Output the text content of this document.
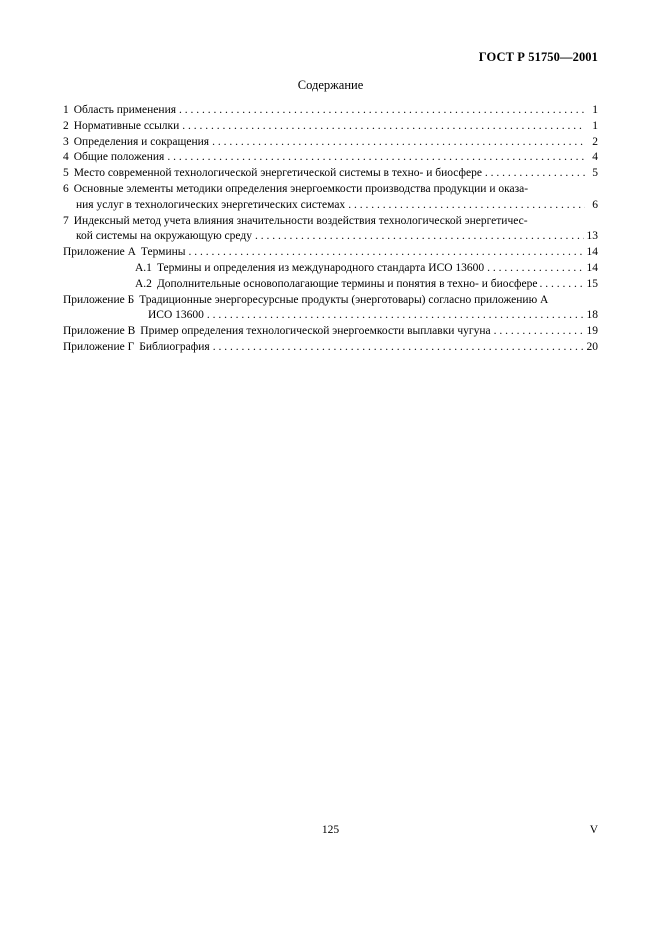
ГОСТ Р 51750—2001
Содержание
1 Область применения . . .	1
2 Нормативные ссылки . . .	1
3 Определения и сокращения . . .	2
4 Общие положения . . .	4
5 Место современной технологической энергетической системы в техно- и биосфере . . .	5
6 Основные элементы методики определения энергоемкости производства продукции и оказа-
ния услуг в технологических энергетических системах . . .	6
7 Индексный метод учета влияния значительности воздействия технологической энергетичес-
кой системы на окружающую среду . . .	13
Приложение А Термины . . .	14
А.1 Термины и определения из международного стандарта ИСО 13600 . . .	14
А.2 Дополнительные основополагающие термины и понятия в техно- и биосфере . . .	15
Приложение Б Традиционные энергоресурсные продукты (энерготовары) согласно приложению А
ИСО 13600 . . .	18
Приложение В Пример определения технологической энергоемкости выплавки чугуна . . .	19
Приложение Г Библиография . . .	20
125	V
